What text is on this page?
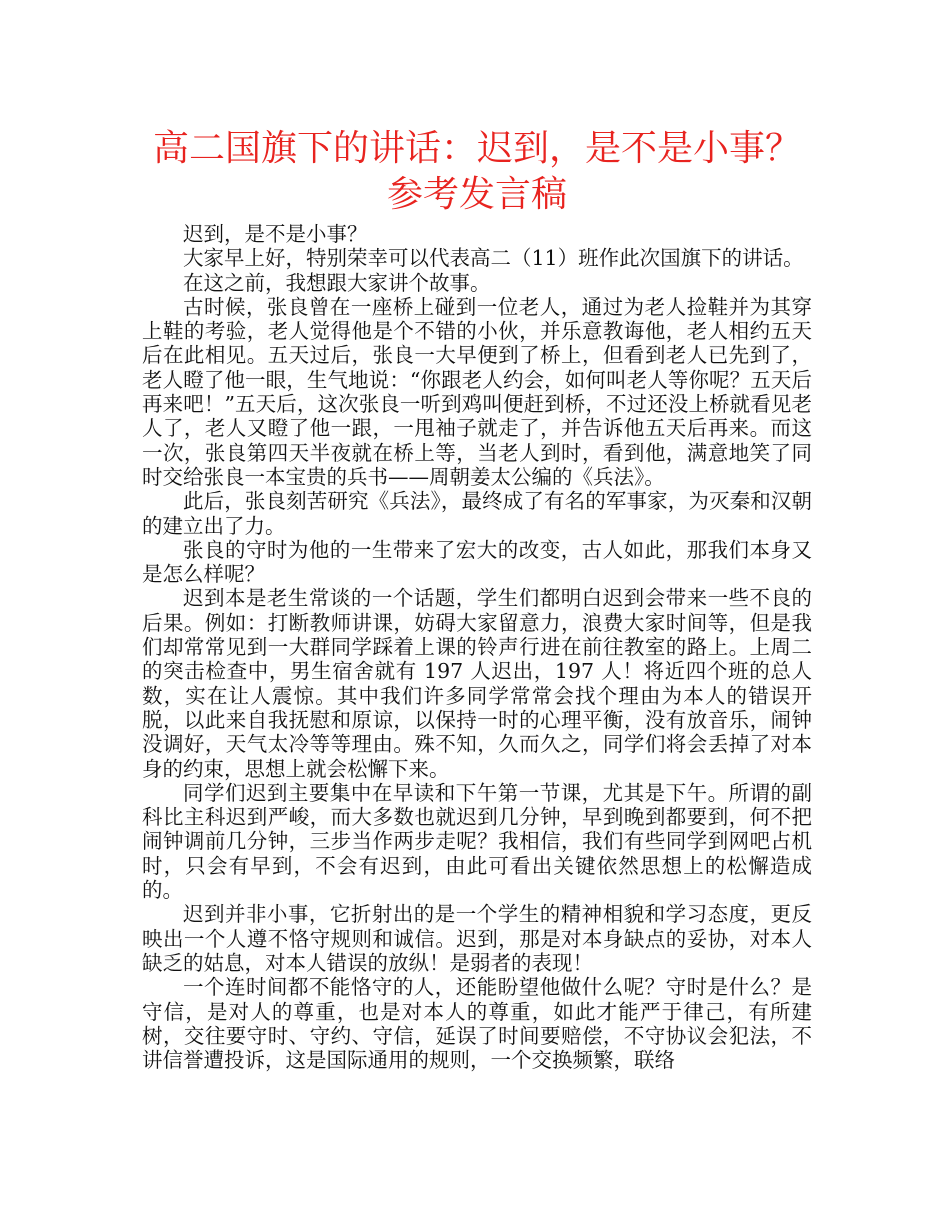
高二国旗下的讲话：迟到，是不是小事？
参考发言稿

迟到，是不是小事？

大家早上好，特别荣幸可以代表高二（11）班作此次国旗下的讲话。

在这之前，我想跟大家讲个故事。

古时候，张良曾在一座桥上碰到一位老人，通过为老人捡鞋并为其穿上鞋的考验，老人觉得他是个不错的小伙，并乐意教诲他，老人相约五天后在此相见。五天过后，张良一大早便到了桥上，但看到老人已先到了，老人瞪了他一眼，生气地说：“你跟老人约会，如何叫老人等你呢？五天后再来吧！”五天后，这次张良一听到鸡叫便赶到桥，不过还没上桥就看见老人了，老人又瞪了他一跟，一甩袖子就走了，并告诉他五天后再来。而这一次，张良第四天半夜就在桥上等，当老人到时，看到他，满意地笑了同时交给张良一本宝贵的兵书——周朝姜太公编的《兵法》。

此后，张良刻苦研究《兵法》，最终成了有名的军事家，为灭秦和汉朝的建立出了力。

张良的守时为他的一生带来了宏大的改变，古人如此，那我们本身又是怎么样呢？

迟到本是老生常谈的一个话题，学生们都明白迟到会带来一些不良的后果。例如：打断教师讲课，妨碍大家留意力，浪费大家时间等，但是我们却常常见到一大群同学踩着上课的铃声行进在前往教室的路上。上周二的突击检查中，男生宿舍就有 197 人迟出，197 人！将近四个班的总人数，实在让人震惊。其中我们许多同学常常会找个理由为本人的错误开脱，以此来自我抚慰和原谅，以保持一时的心理平衡，没有放音乐，闹钟没调好，天气太冷等等理由。殊不知，久而久之，同学们将会丢掉了对本身的约束，思想上就会松懈下来。

同学们迟到主要集中在早读和下午第一节课，尤其是下午。所谓的副科比主科迟到严峻，而大多数也就迟到几分钟，早到晚到都要到，何不把闹钟调前几分钟，三步当作两步走呢？我相信，我们有些同学到网吧占机时，只会有早到，不会有迟到，由此可看出关键依然思想上的松懈造成的。

迟到并非小事，它折射出的是一个学生的精神相貌和学习态度，更反映出一个人遵不恪守规则和诚信。迟到，那是对本身缺点的妥协，对本人缺乏的姑息，对本人错误的放纵！是弱者的表现！

一个连时间都不能恪守的人，还能盼望他做什么呢？守时是什么？是守信，是对人的尊重，也是对本人的尊重，如此才能严于律己，有所建树，交往要守时、守约、守信，延误了时间要赔偿，不守协议会犯法，不讲信誉遭投诉，这是国际通用的规则，一个交换频繁，联络
